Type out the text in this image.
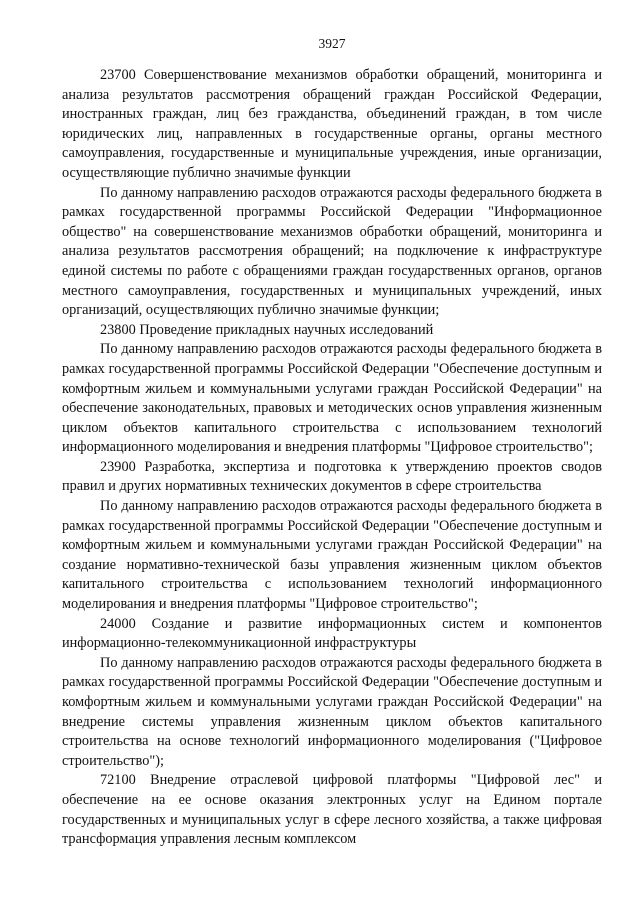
3927

23700 Совершенствование механизмов обработки обращений, мониторинга и анализа результатов рассмотрения обращений граждан Российской Федерации, иностранных граждан, лиц без гражданства, объединений граждан, в том числе юридических лиц, направленных в государственные органы, органы местного самоуправления, государственные и муниципальные учреждения, иные организации, осуществляющие публично значимые функции

По данному направлению расходов отражаются расходы федерального бюджета в рамках государственной программы Российской Федерации "Информационное общество" на совершенствование механизмов обработки обращений, мониторинга и анализа результатов рассмотрения обращений; на подключение к инфраструктуре единой системы по работе с обращениями граждан государственных органов, органов местного самоуправления, государственных и муниципальных учреждений, иных организаций, осуществляющих публично значимые функции;

23800 Проведение прикладных научных исследований

По данному направлению расходов отражаются расходы федерального бюджета в рамках государственной программы Российской Федерации "Обеспечение доступным и комфортным жильем и коммунальными услугами граждан Российской Федерации" на обеспечение законодательных, правовых и методических основ управления жизненным циклом объектов капитального строительства с использованием технологий информационного моделирования и внедрения платформы "Цифровое строительство";

23900 Разработка, экспертиза и подготовка к утверждению проектов сводов правил и других нормативных технических документов в сфере строительства

По данному направлению расходов отражаются расходы федерального бюджета в рамках государственной программы Российской Федерации "Обеспечение доступным и комфортным жильем и коммунальными услугами граждан Российской Федерации" на создание нормативно-технической базы управления жизненным циклом объектов капитального строительства с использованием технологий информационного моделирования и внедрения платформы "Цифровое строительство";

24000 Создание и развитие информационных систем и компонентов информационно-телекоммуникационной инфраструктуры

По данному направлению расходов отражаются расходы федерального бюджета в рамках государственной программы Российской Федерации "Обеспечение доступным и комфортным жильем и коммунальными услугами граждан Российской Федерации" на внедрение системы управления жизненным циклом объектов капитального строительства на основе технологий информационного моделирования ("Цифровое строительство");

72100 Внедрение отраслевой цифровой платформы "Цифровой лес" и обеспечение на ее основе оказания электронных услуг на Едином портале государственных и муниципальных услуг в сфере лесного хозяйства, а также цифровая трансформация управления лесным комплексом
